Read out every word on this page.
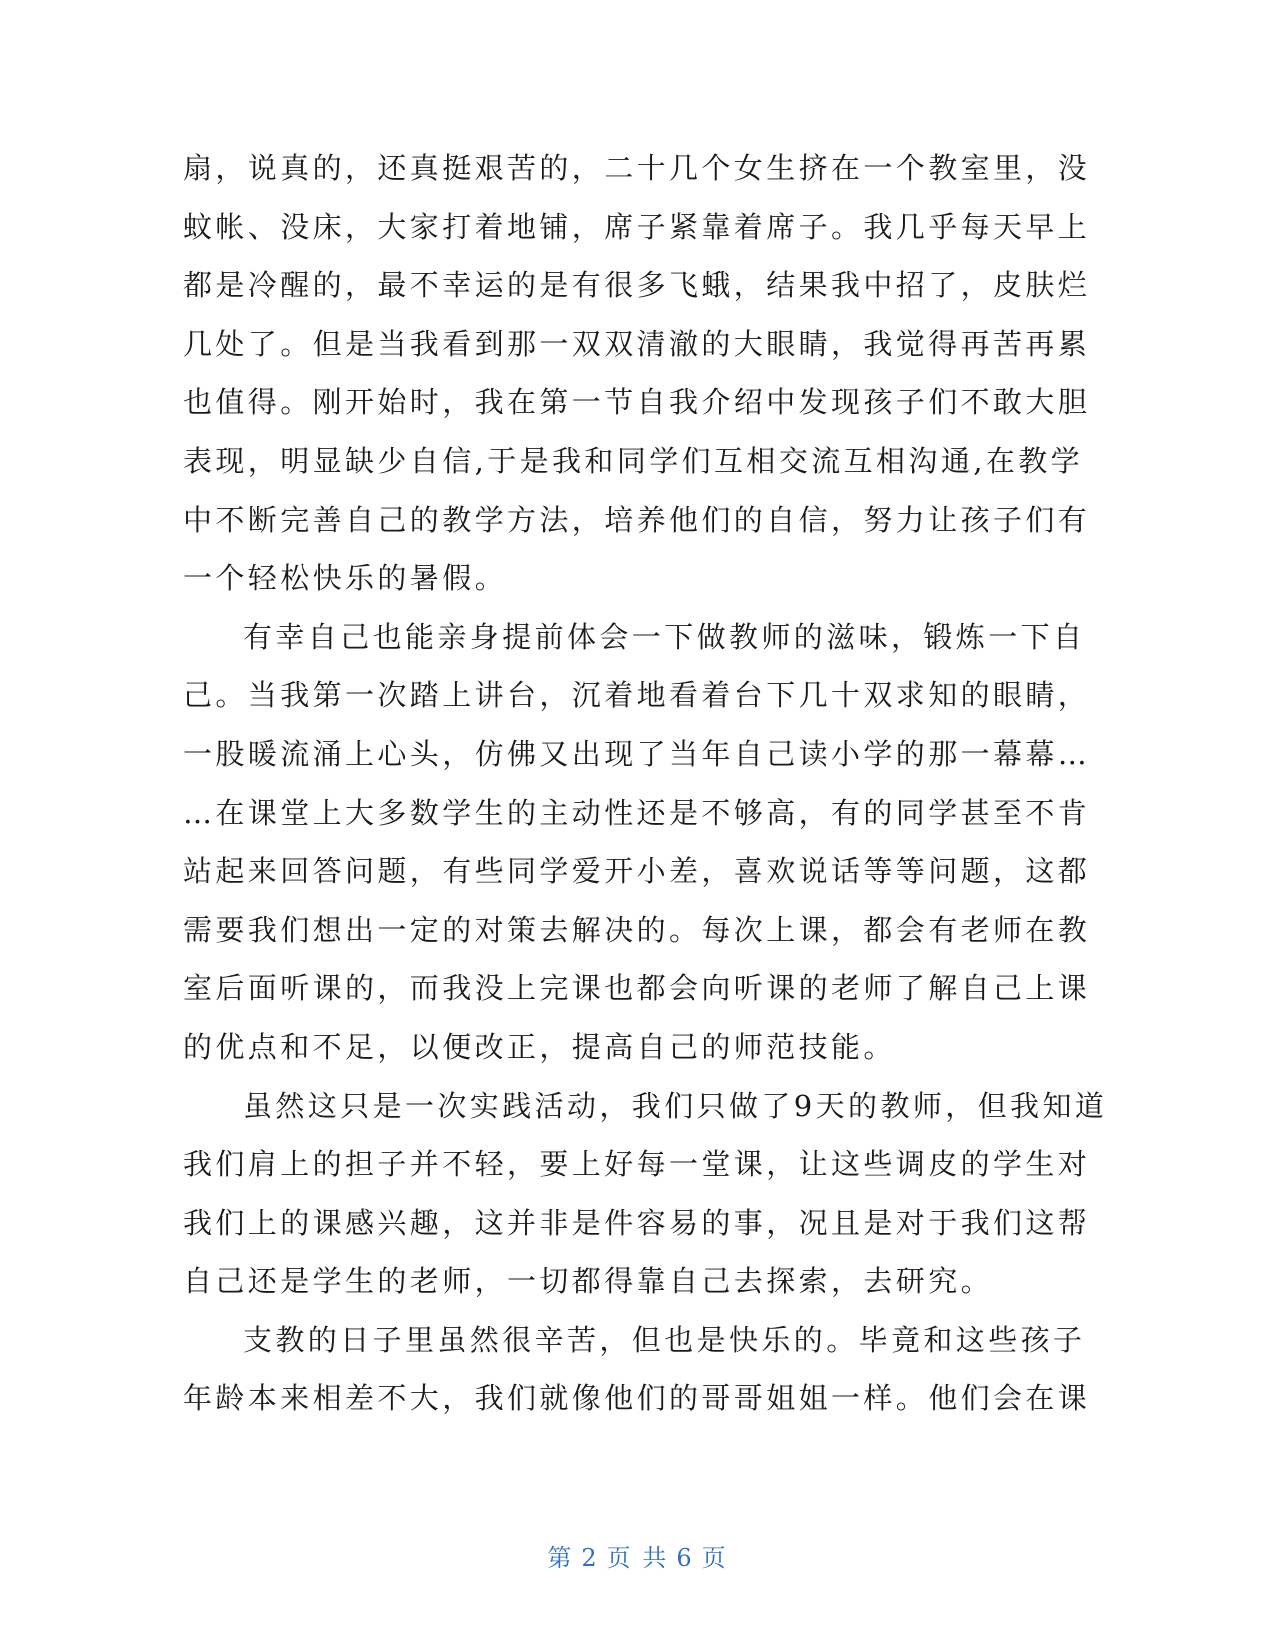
扇，说真的，还真挺艰苦的，二十几个女生挤在一个教室里，没
蚊帐、没床，大家打着地铺，席子紧靠着席子。我几乎每天早上
都是冷醒的，最不幸运的是有很多飞蛾，结果我中招了，皮肤烂
几处了。但是当我看到那一双双清澈的大眼睛，我觉得再苦再累
也值得。刚开始时，我在第一节自我介绍中发现孩子们不敢大胆
表现，明显缺少自信,于是我和同学们互相交流互相沟通,在教学
中不断完善自己的教学方法，培养他们的自信，努力让孩子们有
一个轻松快乐的暑假。
有幸自己也能亲身提前体会一下做教师的滋味，锻炼一下自
己。当我第一次踏上讲台，沉着地看着台下几十双求知的眼睛，
一股暖流涌上心头，仿佛又出现了当年自己读小学的那一幕幕…
…在课堂上大多数学生的主动性还是不够高，有的同学甚至不肯
站起来回答问题，有些同学爱开小差，喜欢说话等等问题，这都
需要我们想出一定的对策去解决的。每次上课，都会有老师在教
室后面听课的，而我没上完课也都会向听课的老师了解自己上课
的优点和不足，以便改正，提高自己的师范技能。
虽然这只是一次实践活动，我们只做了9天的教师，但我知道
我们肩上的担子并不轻，要上好每一堂课，让这些调皮的学生对
我们上的课感兴趣，这并非是件容易的事，况且是对于我们这帮
自己还是学生的老师，一切都得靠自己去探索，去研究。
支教的日子里虽然很辛苦，但也是快乐的。毕竟和这些孩子
年龄本来相差不大，我们就像他们的哥哥姐姐一样。他们会在课
第 2 页 共 6 页
